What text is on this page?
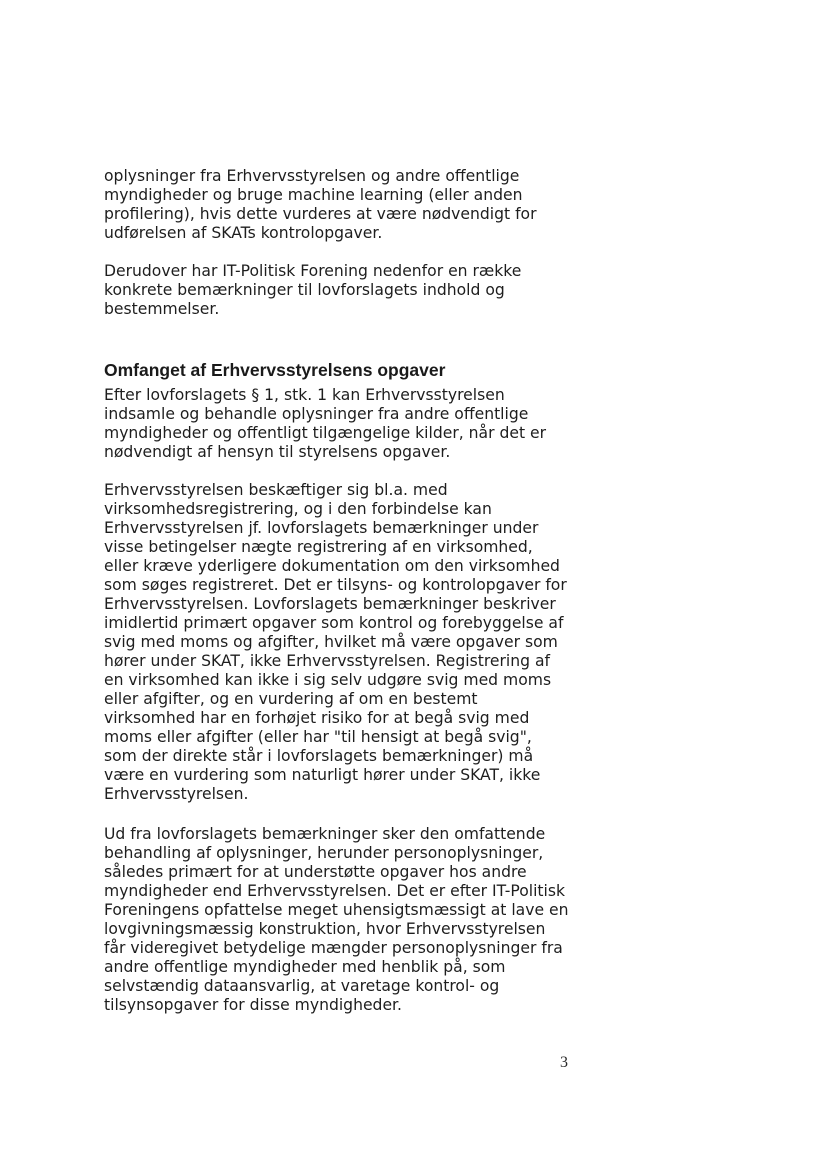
oplysninger fra Erhvervsstyrelsen og andre offentlige
myndigheder og bruge machine learning (eller anden
profilering), hvis dette vurderes at være nødvendigt for
udførelsen af SKATs kontrolopgaver.

Derudover har IT-Politisk Forening nedenfor en række
konkrete bemærkninger til lovforslagets indhold og
bestemmelser.

Omfanget af Erhvervsstyrelsens opgaver

Efter lovforslagets § 1, stk. 1 kan Erhvervsstyrelsen
indsamle og behandle oplysninger fra andre offentlige
myndigheder og offentligt tilgængelige kilder, når det er
nødvendigt af hensyn til styrelsens opgaver.

Erhvervsstyrelsen beskæftiger sig bl.a. med
virksomhedsregistrering, og i den forbindelse kan
Erhvervsstyrelsen jf. lovforslagets bemærkninger under
visse betingelser nægte registrering af en virksomhed,
eller kræve yderligere dokumentation om den virksomhed
som søges registreret. Det er tilsyns- og kontrolopgaver for
Erhvervsstyrelsen. Lovforslagets bemærkninger beskriver
imidlertid primært opgaver som kontrol og forebyggelse af
svig med moms og afgifter, hvilket må være opgaver som
hører under SKAT, ikke Erhvervsstyrelsen. Registrering af
en virksomhed kan ikke i sig selv udgøre svig med moms
eller afgifter, og en vurdering af om en bestemt
virksomhed har en forhøjet risiko for at begå svig med
moms eller afgifter (eller har "til hensigt at begå svig",
som der direkte står i lovforslagets bemærkninger) må
være en vurdering som naturligt hører under SKAT, ikke
Erhvervsstyrelsen.

Ud fra lovforslagets bemærkninger sker den omfattende
behandling af oplysninger, herunder personoplysninger,
således primært for at understøtte opgaver hos andre
myndigheder end Erhvervsstyrelsen. Det er efter IT-Politisk
Foreningens opfattelse meget uhensigtsmæssigt at lave en
lovgivningsmæssig konstruktion, hvor Erhvervsstyrelsen
får videregivet betydelige mængder personoplysninger fra
andre offentlige myndigheder med henblik på, som
selvstændig dataansvarlig, at varetage kontrol- og
tilsynsopgaver for disse myndigheder.

3
